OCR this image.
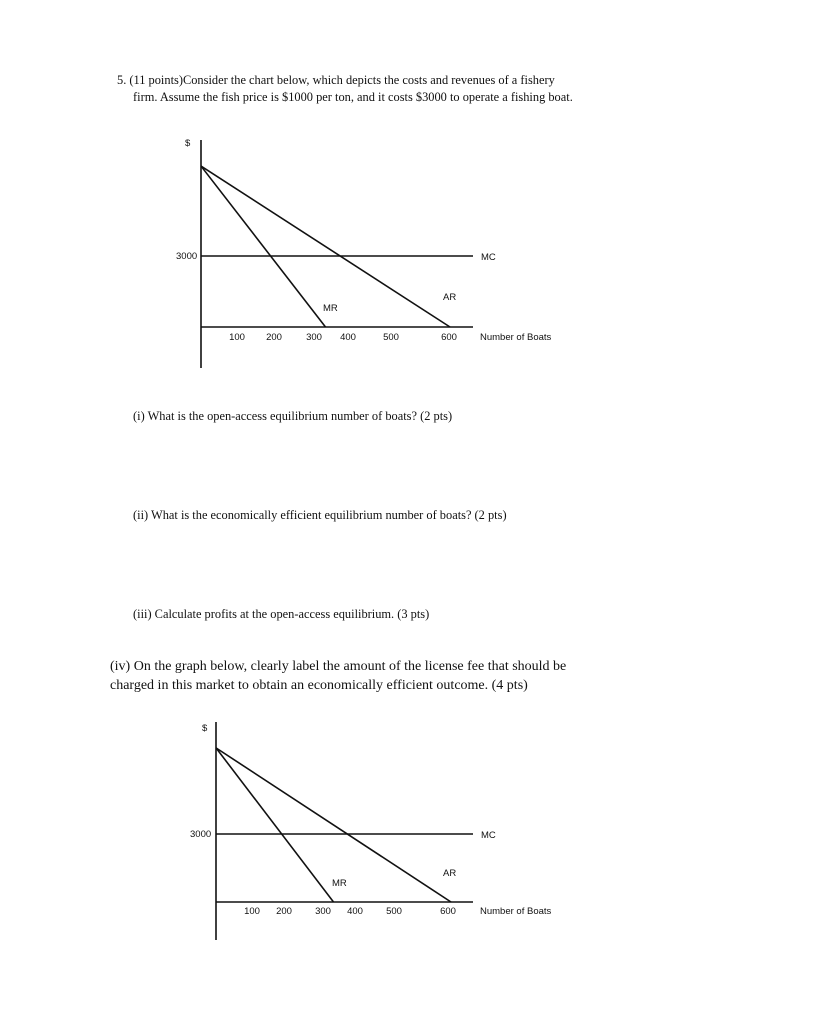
5. (11 points)Consider the chart below, which depicts the costs and revenues of a fishery
firm. Assume the fish price is $1000 per ton, and it costs $3000 to operate a fishing boat.
$
3000
100 200	300 400	500	600 Number of Boats
MC
AR
MR
(i) What is the open-access equilibrium number of boats? (2 pts)
(ii) What is the economically efficient equilibrium number of boats? (2 pts)
(iii) Calculate profits at the open-access equilibrium. (3 pts)
(iv) On the graph below, clearly label the amount of the license fee that should be
charged in this market to obtain an economically efficient outcome. (4 pts)
$
3000
100 200 300 400 500	600	Number of Boats
MC
AR
MR
